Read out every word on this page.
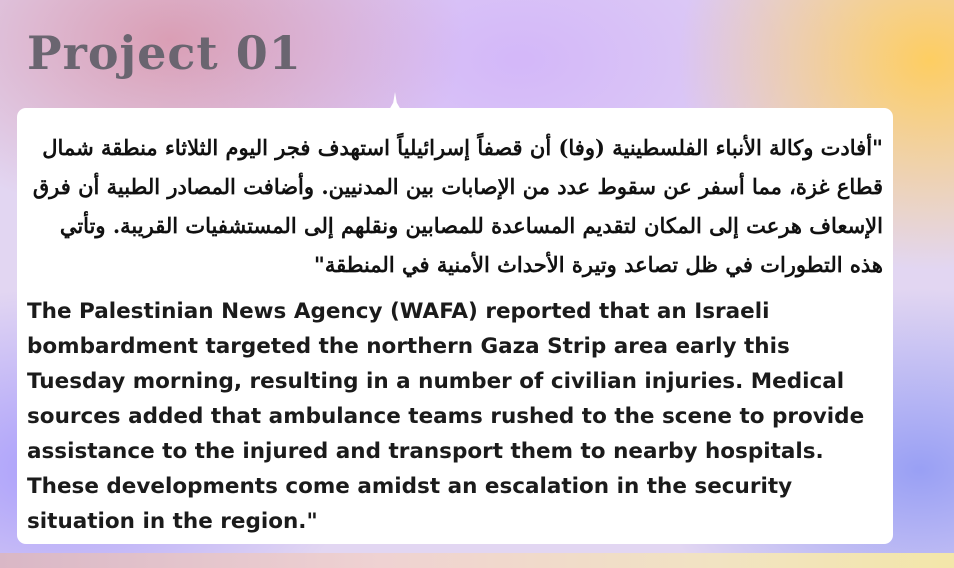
Project 01

"أفادت وكالة الأنباء الفلسطينية (وفا) أن قصفاً إسرائيلياً استهدف فجر اليوم الثلاثاء منطقة شمال قطاع غزة، مما أسفر عن سقوط عدد من الإصابات بين المدنيين. وأضافت المصادر الطبية أن فرق الإسعاف هرعت إلى المكان لتقديم المساعدة للمصابين ونقلهم إلى المستشفيات القريبة. وتأتي هذه التطورات في ظل تصاعد وتيرة الأحداث الأمنية في المنطقة"

The Palestinian News Agency (WAFA) reported that an Israeli bombardment targeted the northern Gaza Strip area early this Tuesday morning, resulting in a number of civilian injuries. Medical sources added that ambulance teams rushed to the scene to provide assistance to the injured and transport them to nearby hospitals. These developments come amidst an escalation in the security situation in the region."
